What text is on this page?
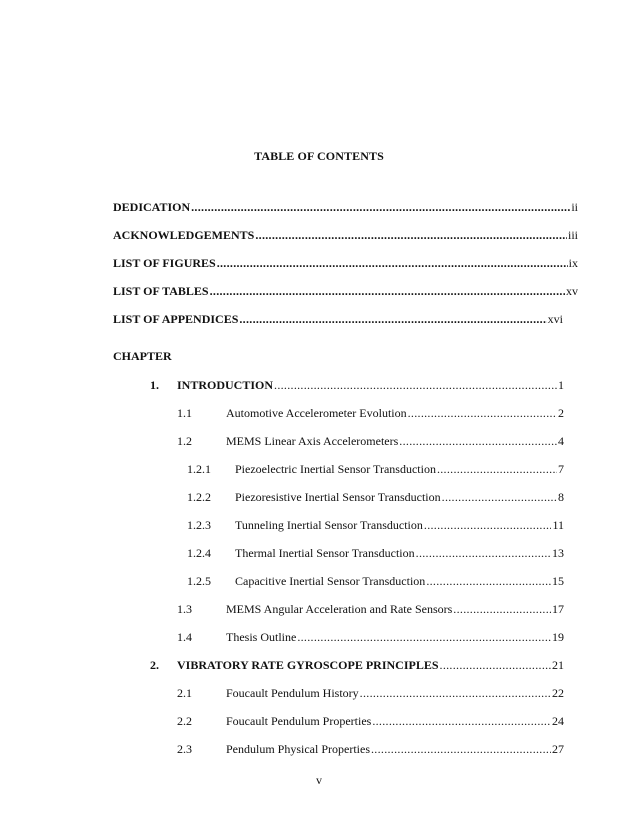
TABLE OF CONTENTS
DEDICATION .....	ii
ACKNOWLEDGEMENTS .....	iii
LIST OF FIGURES .....	ix
LIST OF TABLES .....	xv
LIST OF APPENDICES .....	xvi
CHAPTER
1.	INTRODUCTION .....	1
1.1	Automotive Accelerometer Evolution .....	2
1.2	MEMS Linear Axis Accelerometers .....	4
1.2.1	Piezoelectric Inertial Sensor Transduction .....	7
1.2.2	Piezoresistive Inertial Sensor Transduction .....	8
1.2.3	Tunneling Inertial Sensor Transduction .....	11
1.2.4	Thermal Inertial Sensor Transduction .....	13
1.2.5	Capacitive Inertial Sensor Transduction .....	15
1.3	MEMS Angular Acceleration and Rate Sensors .....	17
1.4	Thesis Outline .....	19
2.	VIBRATORY RATE GYROSCOPE PRINCIPLES .....	21
2.1	Foucault Pendulum History .....	22
2.2	Foucault Pendulum Properties .....	24
2.3	Pendulum Physical Properties .....	27
v
